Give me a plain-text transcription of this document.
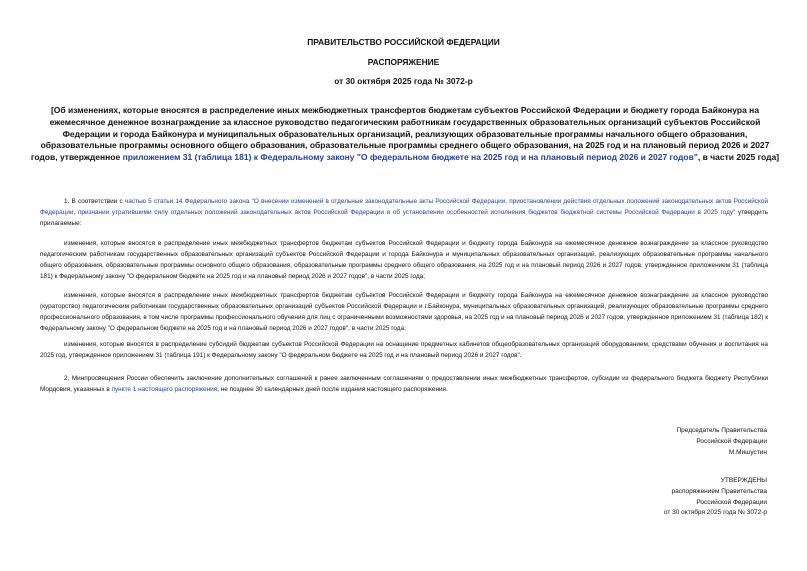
ПРАВИТЕЛЬСТВО РОССИЙСКОЙ ФЕДЕРАЦИИ
РАСПОРЯЖЕНИЕ
от 30 октября 2025 года № 3072-р
[Об изменениях, которые вносятся в распределение иных межбюджетных трансфертов бюджетам субъектов Российской Федерации и бюджету города Байконура на ежемесячное денежное вознаграждение за классное руководство педагогическим работникам государственных образовательных организаций субъектов Российской Федерации и города Байконура и муниципальных образовательных организаций, реализующих образовательные программы начального общего образования, образовательные программы основного общего образования, образовательные программы среднего общего образования, на 2025 год и на плановый период 2026 и 2027 годов, утвержденное приложением 31 (таблица 181) к Федеральному закону "О федеральном бюджете на 2025 год и на плановый период 2026 и 2027 годов", в части 2025 года]
1. В соответствии с частью 5 статьи 14 Федерального закона "О внесении изменений в отдельные законодательные акты Российской Федерации, приостановлении действия отдельных положений законодательных актов Российской Федерации, признании утратившими силу отдельных положений законодательных актов Российской Федерации и об установлении особенностей исполнения бюджетов бюджетной системы Российской Федерации в 2025 году" утвердить прилагаемые:
изменения, которые вносятся в распределение иных межбюджетных трансфертов бюджетам субъектов Российской Федерации и бюджету города Байконура на ежемесячное денежное вознаграждение за классное руководство педагогическим работникам государственных образовательных организаций субъектов Российской Федерации и города Байконура и муниципальных образовательных организаций, реализующих образовательные программы начального общего образования, образовательные программы основного общего образования, образовательные программы среднего общего образования, на 2025 год и на плановый период 2026 и 2027 годов, утвержденное приложением 31 (таблица 181) к Федеральному закону "О федеральном бюджете на 2025 год и на плановый период 2026 и 2027 годов", в части 2025 года;
изменения, которые вносятся в распределение иных межбюджетных трансфертов бюджетам субъектов Российской Федерации и бюджету города Байконура на ежемесячное денежное вознаграждение за классное руководство (кураторство) педагогическим работникам государственных образовательных организаций субъектов Российской Федерации и г.Байконура, муниципальных образовательных организаций, реализующих образовательные программы среднего профессионального образования, в том числе программы профессионального обучения для лиц с ограниченными возможностями здоровья, на 2025 год и на плановый период 2026 и 2027 годов, утвержденное приложением 31 (таблица 182) к Федеральному закону "О федеральном бюджете на 2025 год и на плановый период 2026 и 2027 годов", в части 2025 года;
изменения, которые вносятся в распределение субсидий бюджетам субъектов Российской Федерации на оснащение предметных кабинетов общеобразовательных организаций оборудованием, средствами обучения и воспитания на 2025 год, утвержденное приложением 31 (таблица 191) к Федеральному закону "О федеральном бюджете на 2025 год и на плановый период 2026 и 2027 годов".
2. Минпросвещения России обеспечить заключение дополнительных соглашений к ранее заключенным соглашениям о предоставлении иных межбюджетных трансфертов, субсидии из федерального бюджета бюджету Республики Мордовия, указанных в пункте 1 настоящего распоряжения, не позднее 30 календарных дней после издания настоящего распоряжения.
Председатель Правительства
Российской Федерации
М.Мишустин
УТВЕРЖДЕНЫ
распоряжением Правительства
Российской Федерации
от 30 октября 2025 года № 3072-р
